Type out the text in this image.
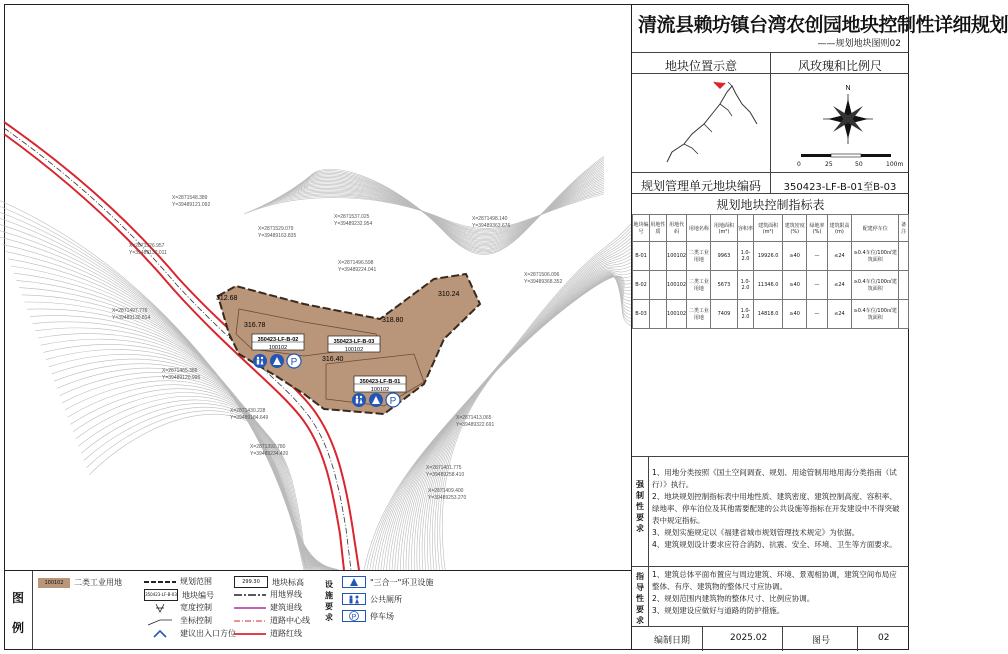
X=2871548.389
Y=39489121.092
X=2871529.079
Y=39489163.835
X=2871537.025
Y=39489232.954
X=2871498.140
Y=39489363.676
X=2871526.957
Y=39489132.011
X=2871496.598
Y=39489224.041
X=2871506.096
Y=39489368.352
X=2871497.776
Y=39489130.814
X=2871465.386
Y=39489120.996
X=2871430.228
Y=39489184.649	X=2871413.065
Y=39489322.691
X=2871392.780
Y=39489234.420
X=2871401.775
Y=39489258.410
X=2871409.400
Y=39489253.270
312.68
316.78
310.24
316.40
318.80
350423-LF-B-02
100102
350423-LF-B-03
100102
350423-LF-B-01
100102
P
P
图例
100102	二类工业用地	规划范围
350423-LF-B-03 地块编号
宽度控制
坐标控制
建议出入口方位
299.30	地块标高
用地界线
建筑退线
道路中心线
道路红线
设施要求
"三合一"环卫设施
公共厕所
P 停车场
清流县赖坊镇台湾农创园地块控制性详细规划
——规划地块图则02
地块位置示意	风玫瑰和比例尺
N
0	25	50	100m
规划管理单元地块编码	350423-LF-B-01至B-03
规划地块控制指标表
地块编号	用地性质	用地代码	用地名称	用地面积(m²)	容积率	建筑面积(m²)	建筑密度(%)	绿地率(%)	建筑限高(m)	配建停车位	备注
B-01		100102	二类工业用地	9963	1.0-2.0	19926.0	≥40	—	≤24	≥0.4车位/100㎡建筑面积	
B-02		100102	二类工业用地	5673	1.0-2.0	11346.0	≥40	—	≤24	≥0.4车位/100㎡建筑面积	
B-03		100102	二类工业用地	7409	1.0-2.0	14818.0	≥40	—	≤24	≥0.4车位/100㎡建筑面积	
强制性要求
1、用地分类按照《国土空间调查、规划、用途管制用地用海分类指南（试行）》执行。
2、地块规划控制指标表中用地性质、建筑密度、建筑控制高度、容积率、绿地率、停车泊位及其他需要配建的公共设施等指标在开发建设中不得突破表中规定指标。
3、规划实施规定以《福建省城市规划管理技术规定》为依据。
4、建筑规划设计要求应符合消防、抗震、安全、环境、卫生等方面要求。
指导性要求
1、建筑总体平面布置应与周边建筑、环境、景观相协调，建筑空间布局应整体、有序、建筑物的整体尺寸应协调。
2、规划范围内建筑物的整体尺寸、比例应协调。
3、规划建设应做好与道路的防护措施。
编制日期	2025.02	图号	02
